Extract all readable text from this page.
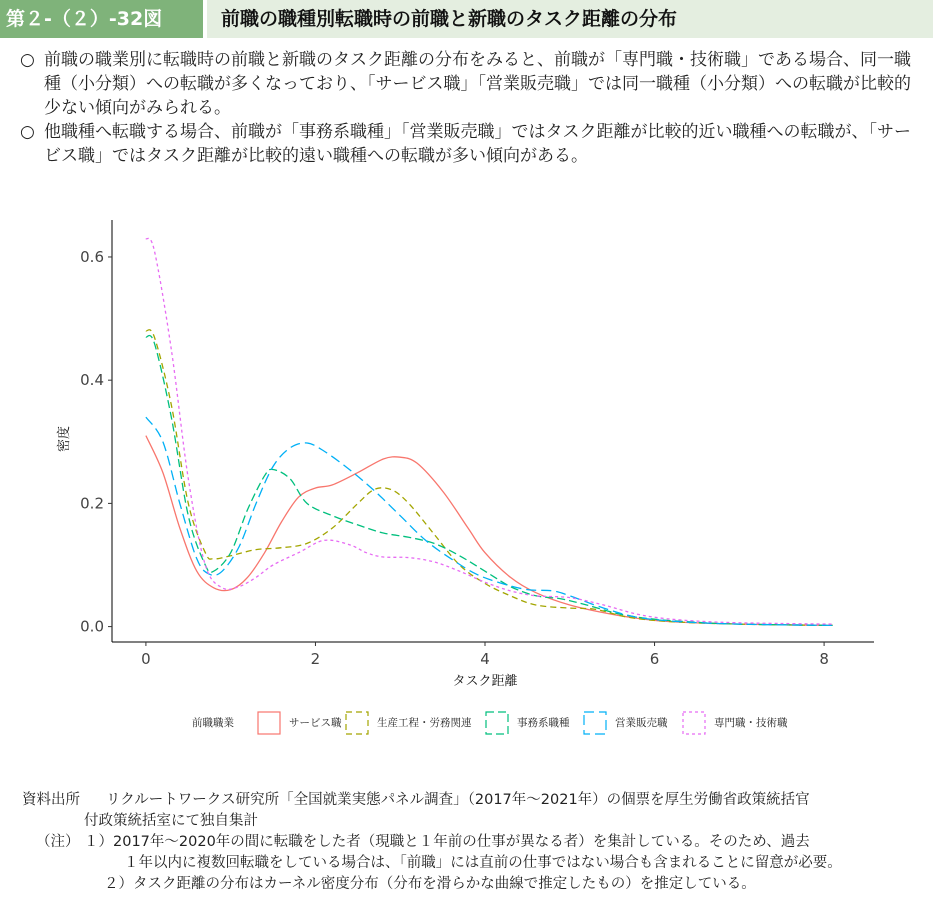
第２-（２）-32図	前職の職種別転職時の前職と新職のタスク距離の分布
○ 前職の職業別に転職時の前職と新職のタスク距離の分布をみると、前職が「専門職・技術職」である場合、同一職種（小分類）への転職が多くなっており、「サービス職」「営業販売職」では同一職種（小分類）への転職が比較的少ない傾向がみられる。
○ 他職種へ転職する場合、前職が「事務系職種」「営業販売職」ではタスク距離が比較的近い職種への転職が、「サービス職」ではタスク距離が比較的遠い職種への転職が多い傾向がある。
0.0
0.2
0.4
0.6
0	2	4	6	8
タスク距離
密度
前職職業	サービス職	生産工程・労務関連	事務系職種	営業販売職	専門職・技術職
資料出所 リクルートワークス研究所「全国就業実態パネル調査」（2017年～2021年）の個票を厚生労働省政策統括官
付政策統括室にて独自集計
（注） １）2017年～2020年の間に転職をした者（現職と１年前の仕事が異なる者）を集計している。そのため、過去
１年以内に複数回転職をしている場合は、「前職」には直前の仕事ではない場合も含まれることに留意が必要。
２）タスク距離の分布はカーネル密度分布（分布を滑らかな曲線で推定したもの）を推定している。
